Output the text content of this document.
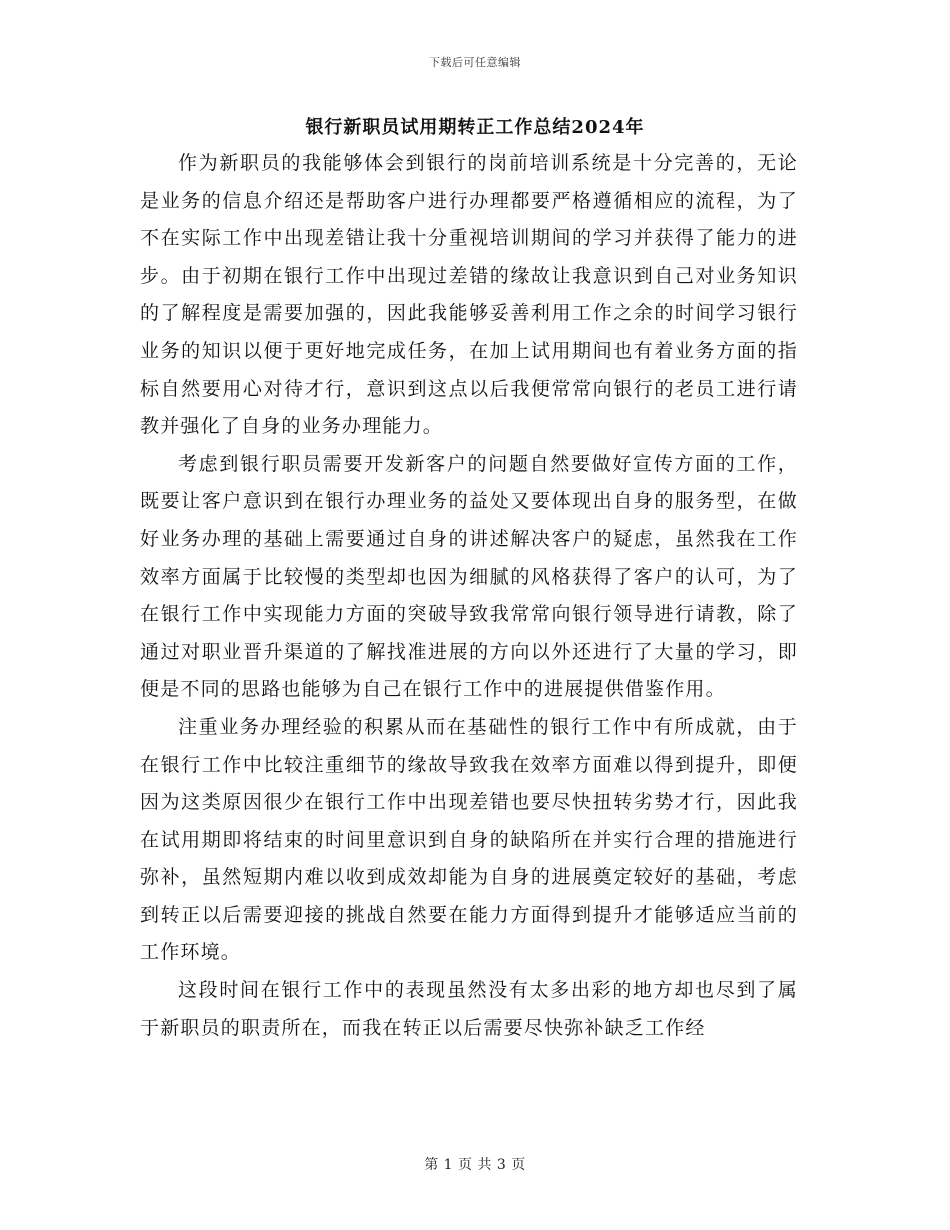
下载后可任意编辑
银行新职员试用期转正工作总结2024年

作为新职员的我能够体会到银行的岗前培训系统是十分完善的，无论是业务的信息介绍还是帮助客户进行办理都要严格遵循相应的流程，为了不在实际工作中出现差错让我十分重视培训期间的学习并获得了能力的进步。由于初期在银行工作中出现过差错的缘故让我意识到自己对业务知识的了解程度是需要加强的，因此我能够妥善利用工作之余的时间学习银行业务的知识以便于更好地完成任务，在加上试用期间也有着业务方面的指标自然要用心对待才行，意识到这点以后我便常常向银行的老员工进行请教并强化了自身的业务办理能力。

考虑到银行职员需要开发新客户的问题自然要做好宣传方面的工作，既要让客户意识到在银行办理业务的益处又要体现出自身的服务型，在做好业务办理的基础上需要通过自身的讲述解决客户的疑虑，虽然我在工作效率方面属于比较慢的类型却也因为细腻的风格获得了客户的认可，为了在银行工作中实现能力方面的突破导致我常常向银行领导进行请教，除了通过对职业晋升渠道的了解找准进展的方向以外还进行了大量的学习，即便是不同的思路也能够为自己在银行工作中的进展提供借鉴作用。

注重业务办理经验的积累从而在基础性的银行工作中有所成就，由于在银行工作中比较注重细节的缘故导致我在效率方面难以得到提升，即便因为这类原因很少在银行工作中出现差错也要尽快扭转劣势才行，因此我在试用期即将结束的时间里意识到自身的缺陷所在并实行合理的措施进行弥补，虽然短期内难以收到成效却能为自身的进展奠定较好的基础，考虑到转正以后需要迎接的挑战自然要在能力方面得到提升才能够适应当前的工作环境。

这段时间在银行工作中的表现虽然没有太多出彩的地方却也尽到了属于新职员的职责所在，而我在转正以后需要尽快弥补缺乏工作经

第 1 页 共 3 页
